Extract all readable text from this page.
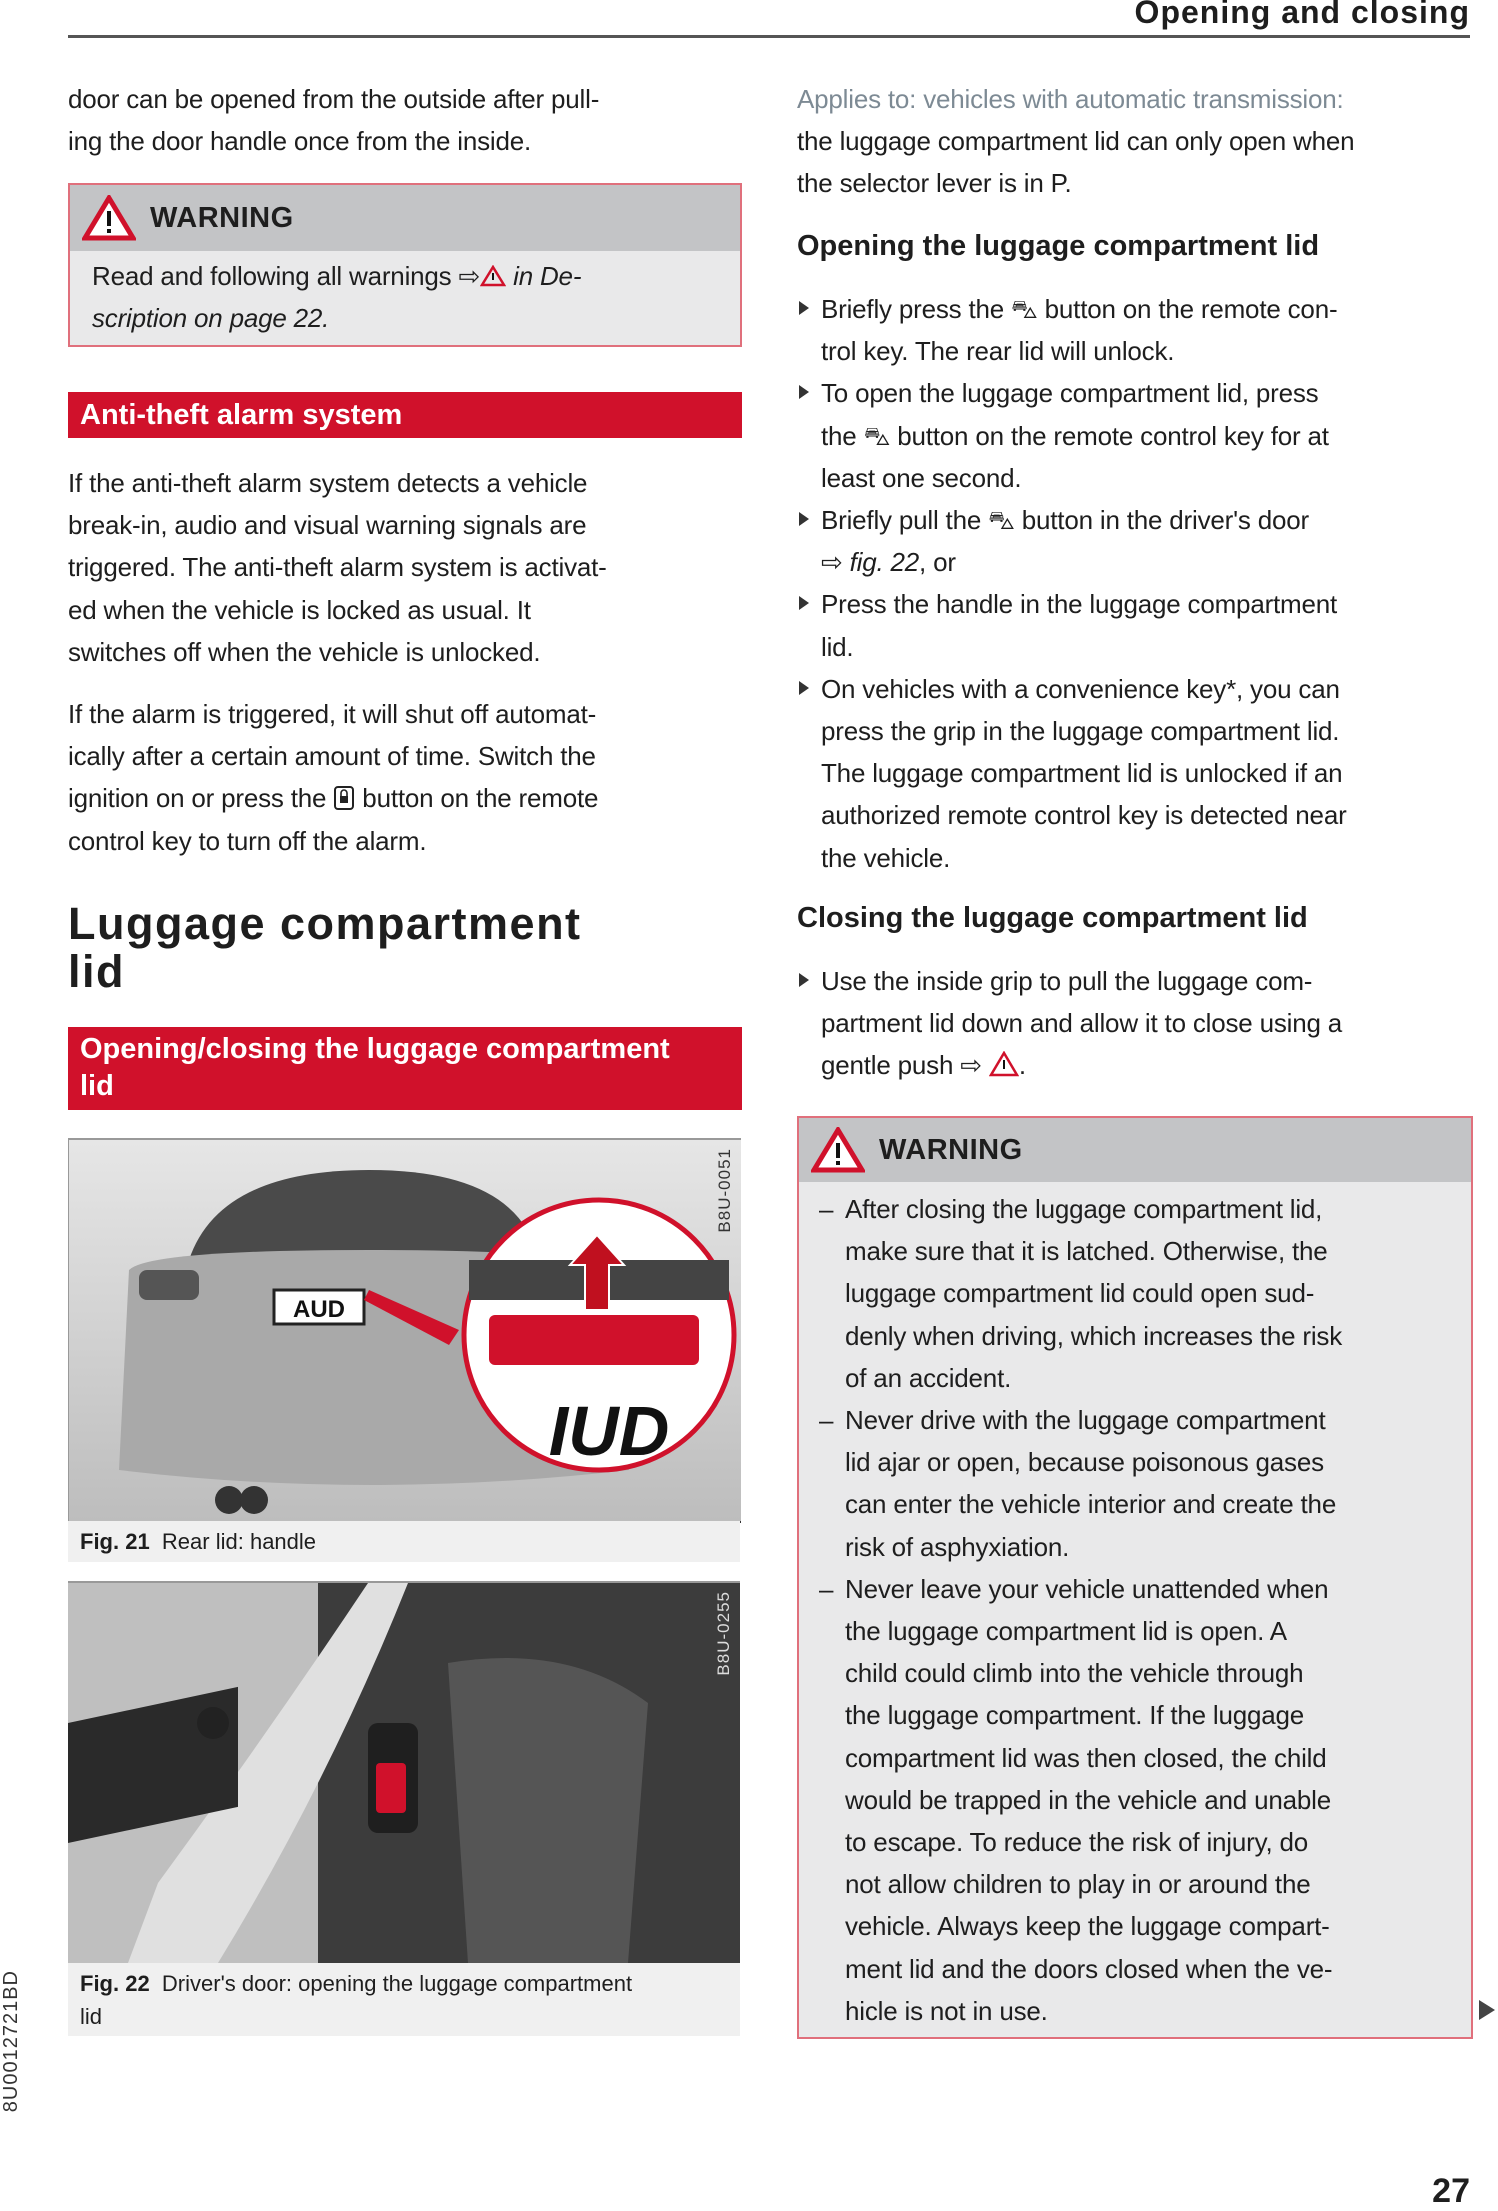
Opening and closing
door can be opened from the outside after pull-
ing the door handle once from the inside.
WARNING
Read and following all warnings ⇨ in De-
scription on page 22.
Anti-theft alarm system
If the anti-theft alarm system detects a vehicle
break-in, audio and visual warning signals are
triggered. The anti-theft alarm system is activat-
ed when the vehicle is locked as usual. It
switches off when the vehicle is unlocked.
If the alarm is triggered, it will shut off automat-
ically after a certain amount of time. Switch the
ignition on or press the  button on the remote
control key to turn off the alarm.
Luggage compartment
lid
Opening/closing the luggage compartment
lid
AUD
IUD
B8U-0051
Fig. 21 Rear lid: handle
B8U-0255
Fig. 22 Driver's door: opening the luggage compartment
lid
Applies to: vehicles with automatic transmission:
the luggage compartment lid can only open when
the selector lever is in P.
Opening the luggage compartment lid
Briefly press the ⛍ button on the remote con-
trol key. The rear lid will unlock.
To open the luggage compartment lid, press
the ⛍ button on the remote control key for at
least one second.
Briefly pull the ⛍ button in the driver's door
⇨ fig. 22, or
Press the handle in the luggage compartment
lid.
On vehicles with a convenience key*, you can
press the grip in the luggage compartment lid.
The luggage compartment lid is unlocked if an
authorized remote control key is detected near
the vehicle.
Closing the luggage compartment lid
Use the inside grip to pull the luggage com-
partment lid down and allow it to close using a
gentle push ⇨ .
WARNING
– After closing the luggage compartment lid,
make sure that it is latched. Otherwise, the
luggage compartment lid could open sud-
denly when driving, which increases the risk
of an accident.
– Never drive with the luggage compartment
lid ajar or open, because poisonous gases
can enter the vehicle interior and create the
risk of asphyxiation.
– Never leave your vehicle unattended when
the luggage compartment lid is open. A
child could climb into the vehicle through
the luggage compartment. If the luggage
compartment lid was then closed, the child
would be trapped in the vehicle and unable
to escape. To reduce the risk of injury, do
not allow children to play in or around the
vehicle. Always keep the luggage compart-
ment lid and the doors closed when the ve-
hicle is not in use.
27
8U0012721BD
